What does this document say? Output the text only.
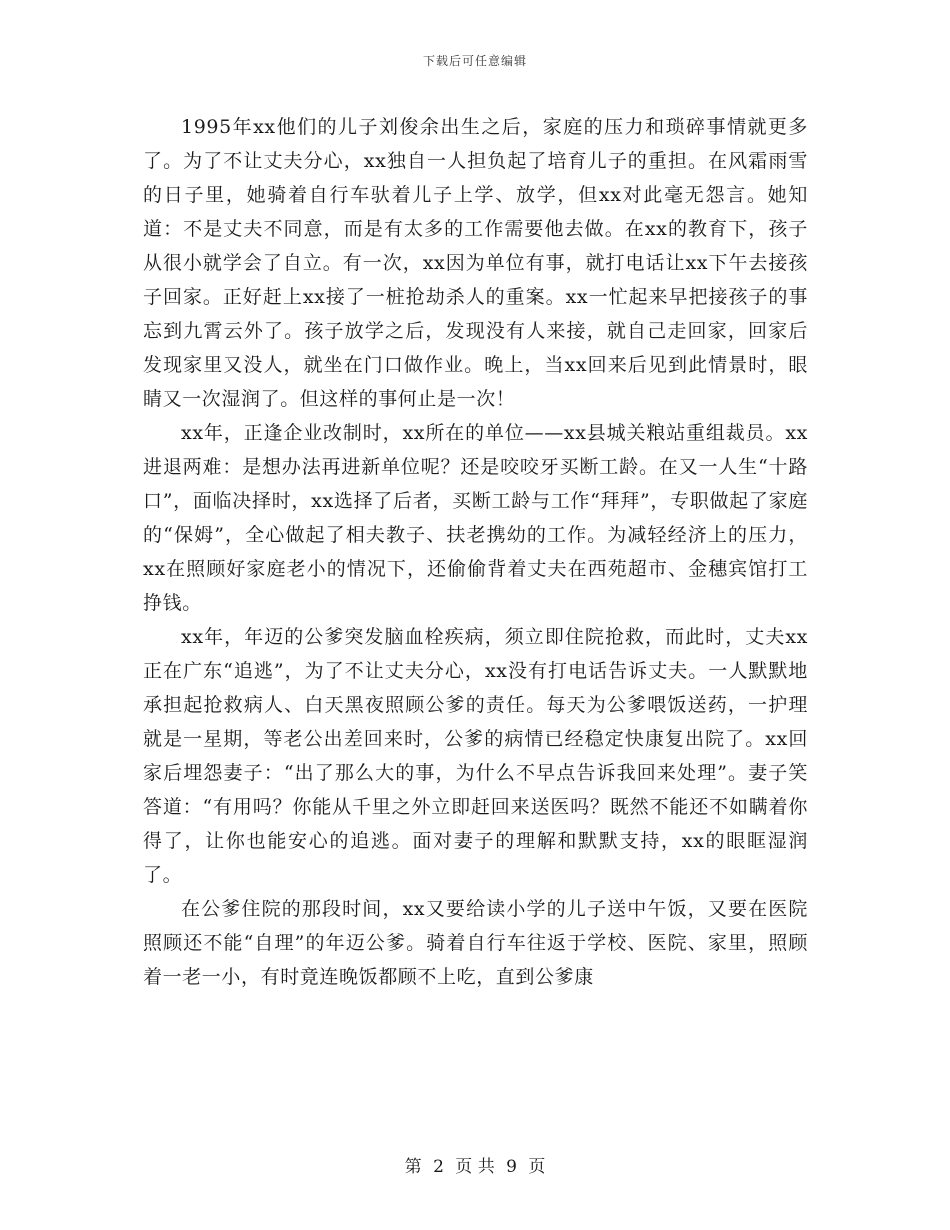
下载后可任意编辑

1995年xx他们的儿子刘俊余出生之后，家庭的压力和琐碎事情就更多了。为了不让丈夫分心，xx独自一人担负起了培育儿子的重担。在风霜雨雪的日子里，她骑着自行车驮着儿子上学、放学，但xx对此毫无怨言。她知道：不是丈夫不同意，而是有太多的工作需要他去做。在xx的教育下，孩子从很小就学会了自立。有一次，xx因为单位有事，就打电话让xx下午去接孩子回家。正好赶上xx接了一桩抢劫杀人的重案。xx一忙起来早把接孩子的事忘到九霄云外了。孩子放学之后，发现没有人来接，就自己走回家，回家后发现家里又没人，就坐在门口做作业。晚上，当xx回来后见到此情景时，眼睛又一次湿润了。但这样的事何止是一次！

xx年，正逢企业改制时，xx所在的单位——xx县城关粮站重组裁员。xx进退两难：是想办法再进新单位呢？还是咬咬牙买断工龄。在又一人生“十路口”，面临决择时，xx选择了后者，买断工龄与工作“拜拜”，专职做起了家庭的“保姆”，全心做起了相夫教子、扶老携幼的工作。为减轻经济上的压力，xx在照顾好家庭老小的情况下，还偷偷背着丈夫在西苑超市、金穗宾馆打工挣钱。

xx年，年迈的公爹突发脑血栓疾病，须立即住院抢救，而此时，丈夫xx正在广东“追逃”，为了不让丈夫分心，xx没有打电话告诉丈夫。一人默默地承担起抢救病人、白天黑夜照顾公爹的责任。每天为公爹喂饭送药，一护理就是一星期，等老公出差回来时，公爹的病情已经稳定快康复出院了。xx回家后埋怨妻子：“出了那么大的事，为什么不早点告诉我回来处理”。妻子笑答道：“有用吗？你能从千里之外立即赶回来送医吗？既然不能还不如瞒着你得了，让你也能安心的追逃。面对妻子的理解和默默支持，xx的眼眶湿润了。

在公爹住院的那段时间，xx又要给读小学的儿子送中午饭，又要在医院照顾还不能“自理”的年迈公爹。骑着自行车往返于学校、医院、家里，照顾着一老一小，有时竟连晚饭都顾不上吃，直到公爹康

第 2 页 共 9 页
